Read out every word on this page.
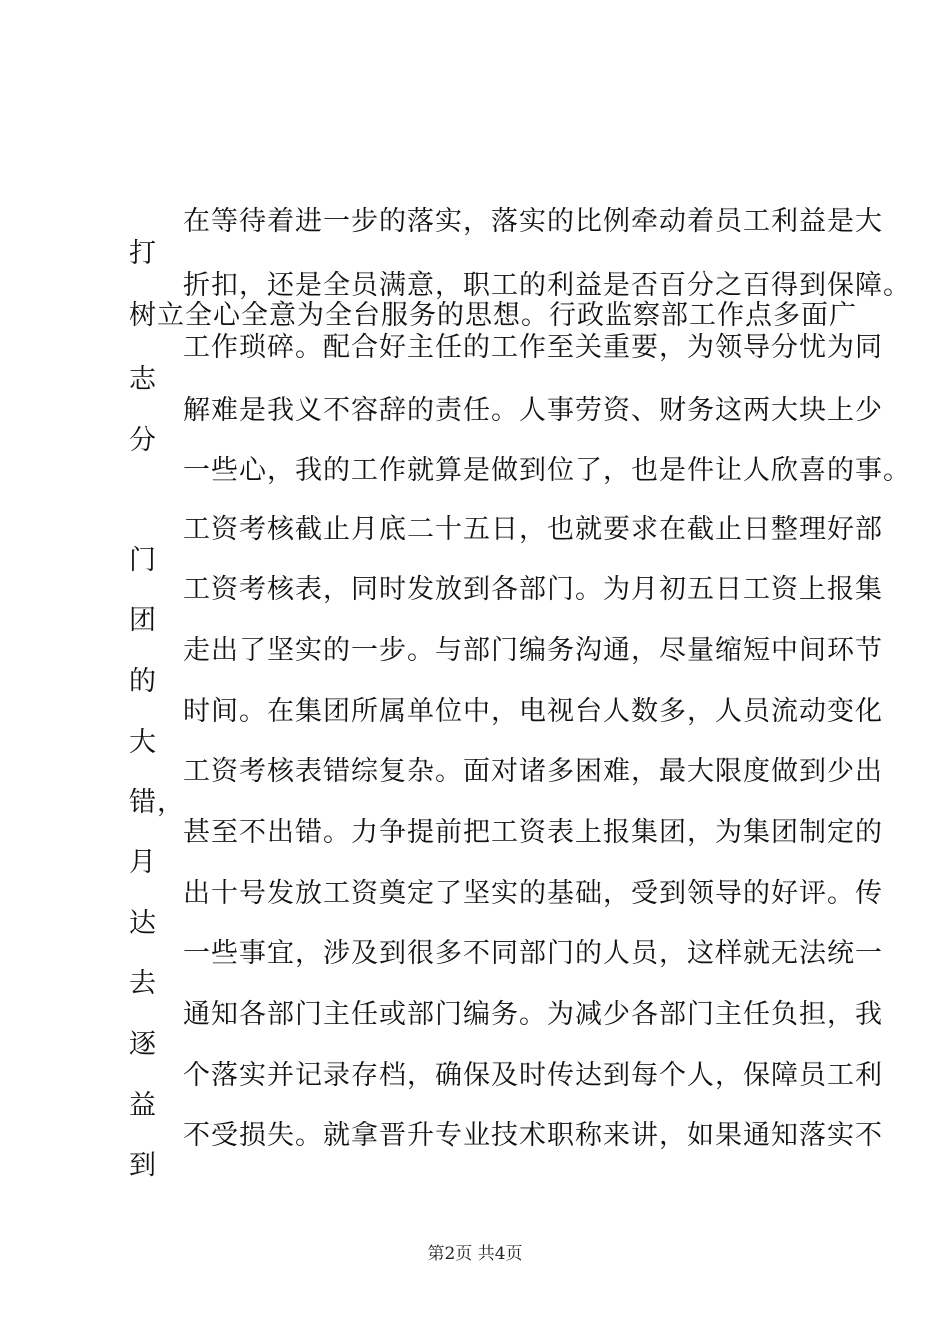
在等待着进一步的落实，落实的比例牵动着员工利益是大
打
折扣，还是全员满意，职工的利益是否百分之百得到保障。
树立全心全意为全台服务的思想。行政监察部工作点多面广
工作琐碎。配合好主任的工作至关重要，为领导分忧为同
志
解难是我义不容辞的责任。人事劳资、财务这两大块上少
分
一些心，我的工作就算是做到位了，也是件让人欣喜的事。
工资考核截止月底二十五日，也就要求在截止日整理好部
门
工资考核表，同时发放到各部门。为月初五日工资上报集
团
走出了坚实的一步。与部门编务沟通，尽量缩短中间环节
的
时间。在集团所属单位中，电视台人数多，人员流动变化
大
工资考核表错综复杂。面对诸多困难，最大限度做到少出
错，
甚至不出错。力争提前把工资表上报集团，为集团制定的
月
出十号发放工资奠定了坚实的基础，受到领导的好评。传
达
一些事宜，涉及到很多不同部门的人员，这样就无法统一
去
通知各部门主任或部门编务。为减少各部门主任负担，我
逐
个落实并记录存档，确保及时传达到每个人，保障员工利
益
不受损失。就拿晋升专业技术职称来讲，如果通知落实不
到
第2页 共4页
